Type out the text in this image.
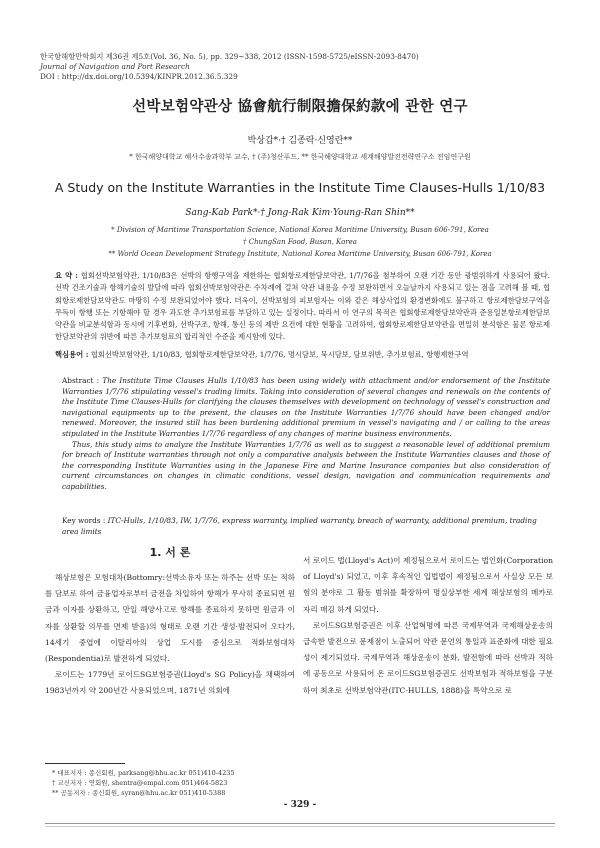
한국항해항만학회지 제36권 제5호(Vol. 36, No. 5), pp. 329~338, 2012 (ISSN-1598-5725/eISSN-2093-8470)
Journal of Navigation and Port Research
DOI : http://dx.doi.org/10.5394/KINPR.2012.36.5.329
선박보험약관상 協會航行制限擔保約款에 관한 연구
박상갑*·† 김종락·신영란**
* 한국해양대학교 해사수송과학부 교수, † (주)청산푸드, ** 한국해양대학교 세계해양발전전략연구소 전임연구원
A Study on the Institute Warranties in the Institute Time Clauses-Hulls 1/10/83
Sang-Kab Park*·† Jong-Rak Kim·Young-Ran Shin**
* Division of Maritime Transportation Science, National Korea Maritime University, Busan 606-791, Korea
† ChungSan Food, Busan, Korea
** World Ocean Development Strategy Institute, National Korea Maritime University, Busan 606-791, Korea
요 약 : 협회선박보험약관, 1/10/83은 선박의 항행구역을 제한하는 협회항로제한담보약관, 1/7/76을 첨부하여 오랜 기간 동안 광범위하게 사용되어 왔다. 선박 건조기술과 항해기술의 발달에 따라 협회선박보험약관은 수차례에 걸쳐 약관 내용을 수정 보완하면서 오늘날까지 사용되고 있는 점을 고려해 볼 때, 협회항로제한담보약관도 마땅히 수정 보완되었어야 했다. 더욱이, 선박보험의 피보험자는 이와 같은 해상사업의 환경변화에도 불구하고 항로제한담보구역을 무득이 항행 또는 기항해야 할 경우 과도한 추가보험료를 부담하고 있는 실정이다. 따라서 이 연구의 목적은 협회항로제한담보약관과 준용일본항로제한담보약관을 비교분석함과 동시에 기후변화, 선박구조, 항해, 통신 등의 제반 요건에 대한 현황을 고려하여, 협회항로제한담보약관을 면밀히 분석함은 물론 항로제한담보약관의 위반에 따른 추가보험료의 합리적인 수준을 제시함에 있다.
핵심용어 : 협회선박보험약관, 1/10/83, 협회항로제한담보약관, 1/7/76, 명시담보, 묵시담보, 담보위반, 추가보험료, 항행제한구역

Abstract : The Institute Time Clauses Hulls 1/10/83 has been using widely with attachment and/or endorsement of the Institute Warranties 1/7/76 stipulating vessel's trading limits. Taking into consideration of several changes and renewals on the contents of the Institute Time Clauses-Hulls for clarifying the clauses themselves with development on technology of vessel's construction and navigational equipments up to the present, the clauses on the Institute Warranties 1/7/76 should have been changed and/or renewed. Moreover, the insured still has been burdening additional premium in vessel's navigating and / or calling to the areas stipulated in the Institute Warranties 1/7/76 regardless of any changes of marine business environments.

Thus, this study aims to analyze the Institute Warranties 1/7/76 as well as to suggest a reasonable level of additional premium for breach of Institute warranties through not only a comparative analysis between the Institute Warranties clauses and those of the corresponding Institute Warranties using in the Japanese Fire and Marine Insurance companies but also consideration of current circumstances on changes in climatic conditions, vessel design, navigation and communication requirements and capabilities.

Key words : ITC-Hulls, 1/10/83, IW, 1/7/76, express warranty, implied warranty, breach of warranty, additional premium, trading area limits
1. 서 론

해상보험은 모험대차(Bottomry:선박소유자 또는 하주는 선박 또는 적하를 담보로 하여 금융업자로부터 금전을 차입하여 항해가 무사히 종료되면 원금과 이자를 상환하고, 만일 해양사고로 항해를 종료하지 못하면 원금과 이자를 상환할 의무를 면제 받음)의 형태로 오랜 기간 생성·발전되어 오다가, 14세기 중엽에 이탈리아의 상업 도시를 중심으로 적화보험대차(Respondentia)로 발전하게 되었다.

로이드는 1779년 로이드SG보험증권(Lloyd's SG Policy)을 채택하여 1983년까지 약 200년간 사용되었으며, 1871년 의회에

서 로이드 법(Lloyd's Act)이 제정됨으로서 로이드는 법인화(Corporation of Lloyd's) 되었고, 이후 후속적인 입법법이 제정됨으로서 사실상 모든 보험의 분야로 그 활동 범위를 확장하여 명실상부한 세계 해상보험의 메카로 자리 매김 하게 되었다.

로이드SG보험증권은 이후 산업혁명에 따른 국제무역과 국제해상운송의 급속한 발전으로 문제점이 노출되어 약관 문언의 통일과 표준화에 대한 필요성이 제기되었다. 국제무역과 해상운송이 분화, 발전함에 따라 선박과 적하에 공동으로 사용되어 온 로이드SG보험증권도 선박보험과 적하보험을 구분하여 최초로 선박보험약관(ITC-HULLS, 1888)을 특약으로 로

* 대표저자 : 종신회원, parksang@hhu.ac.kr 051)410-4235
† 교신저자 : 연회원, shentra@empal.com 051)464-5823
** 공동저자 : 종신회원, syran@hhu.ac.kr 051)410-5388
- 329 -
